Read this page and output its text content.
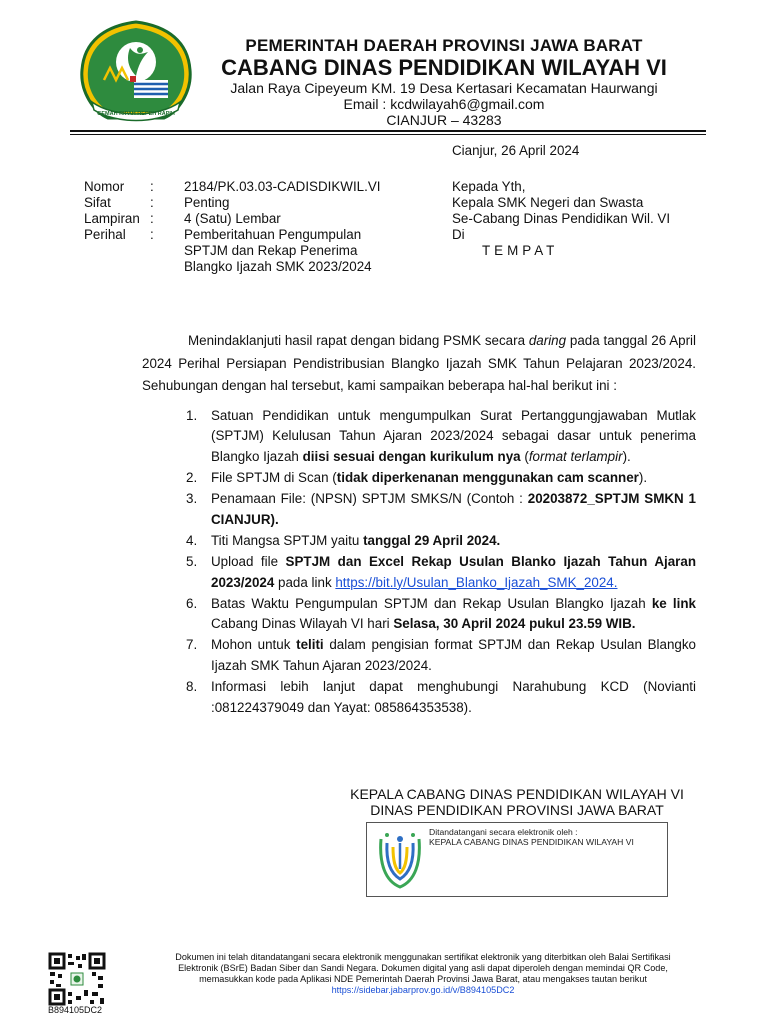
GEMAH RIPAH REPEH RAPIH
PEMERINTAH DAERAH PROVINSI JAWA BARAT
CABANG DINAS PENDIDIKAN WILAYAH VI
Jalan Raya Cipeyeum KM. 19 Desa Kertasari Kecamatan Haurwangi
Email : kcdwilayah6@gmail.com
CIANJUR – 43283
Cianjur, 26 April 2024
Nomor	:	2184/PK.03.03-CADISDIKWIL.VI
Sifat	:	Penting
Lampiran :	4 (Satu) Lembar
Perihal	:	Pemberitahuan Pengumpulan SPTJM dan Rekap Penerima Blangko Ijazah SMK 2023/2024
Kepada Yth,
Kepala SMK Negeri dan Swasta
Se-Cabang Dinas Pendidikan Wil. VI
Di
TEMPAT

Menindaklanjuti hasil rapat dengan bidang PSMK secara daring pada tanggal 26 April 2024 Perihal Persiapan Pendistribusian Blangko Ijazah SMK Tahun Pelajaran 2023/2024. Sehubungan dengan hal tersebut, kami sampaikan beberapa hal-hal berikut ini :

1.	Satuan Pendidikan untuk mengumpulkan Surat Pertanggungjawaban Mutlak (SPTJM) Kelulusan Tahun Ajaran 2023/2024 sebagai dasar untuk penerima Blangko Ijazah diisi sesuai dengan kurikulum nya (format terlampir).
2.	File SPTJM di Scan (tidak diperkenanan menggunakan cam scanner).
3.	Penamaan File: (NPSN) SPTJM SMKS/N (Contoh : 20203872_SPTJM SMKN 1 CIANJUR).
4.	Titi Mangsa SPTJM yaitu tanggal 29 April 2024.
5.	Upload file SPTJM dan Excel Rekap Usulan Blanko Ijazah Tahun Ajaran 2023/2024 pada link https://bit.ly/Usulan_Blanko_Ijazah_SMK_2024.
6.	Batas Waktu Pengumpulan SPTJM dan Rekap Usulan Blangko Ijazah ke link Cabang Dinas Wilayah VI hari Selasa, 30 April 2024 pukul 23.59 WIB.
7.	Mohon untuk teliti dalam pengisian format SPTJM dan Rekap Usulan Blangko Ijazah SMK Tahun Ajaran 2023/2024.
8.	Informasi lebih lanjut dapat menghubungi Narahubung KCD (Novianti :081224379049 dan Yayat: 085864353538).
KEPALA CABANG DINAS PENDIDIKAN WILAYAH VI
DINAS PENDIDIKAN PROVINSI JAWA BARAT
Ditandatangani secara elektronik oleh :
KEPALA CABANG DINAS PENDIDIKAN WILAYAH VI
B894105DC2
Dokumen ini telah ditandatangani secara elektronik menggunakan sertifikat elektronik yang diterbitkan oleh Balai Sertifikasi
Elektronik (BSrE) Badan Siber dan Sandi Negara. Dokumen digital yang asli dapat diperoleh dengan memindai QR Code,
memasukkan kode pada Aplikasi NDE Pemerintah Daerah Provinsi Jawa Barat, atau mengakses tautan berikut
https://sidebar.jabarprov.go.id/v/B894105DC2
